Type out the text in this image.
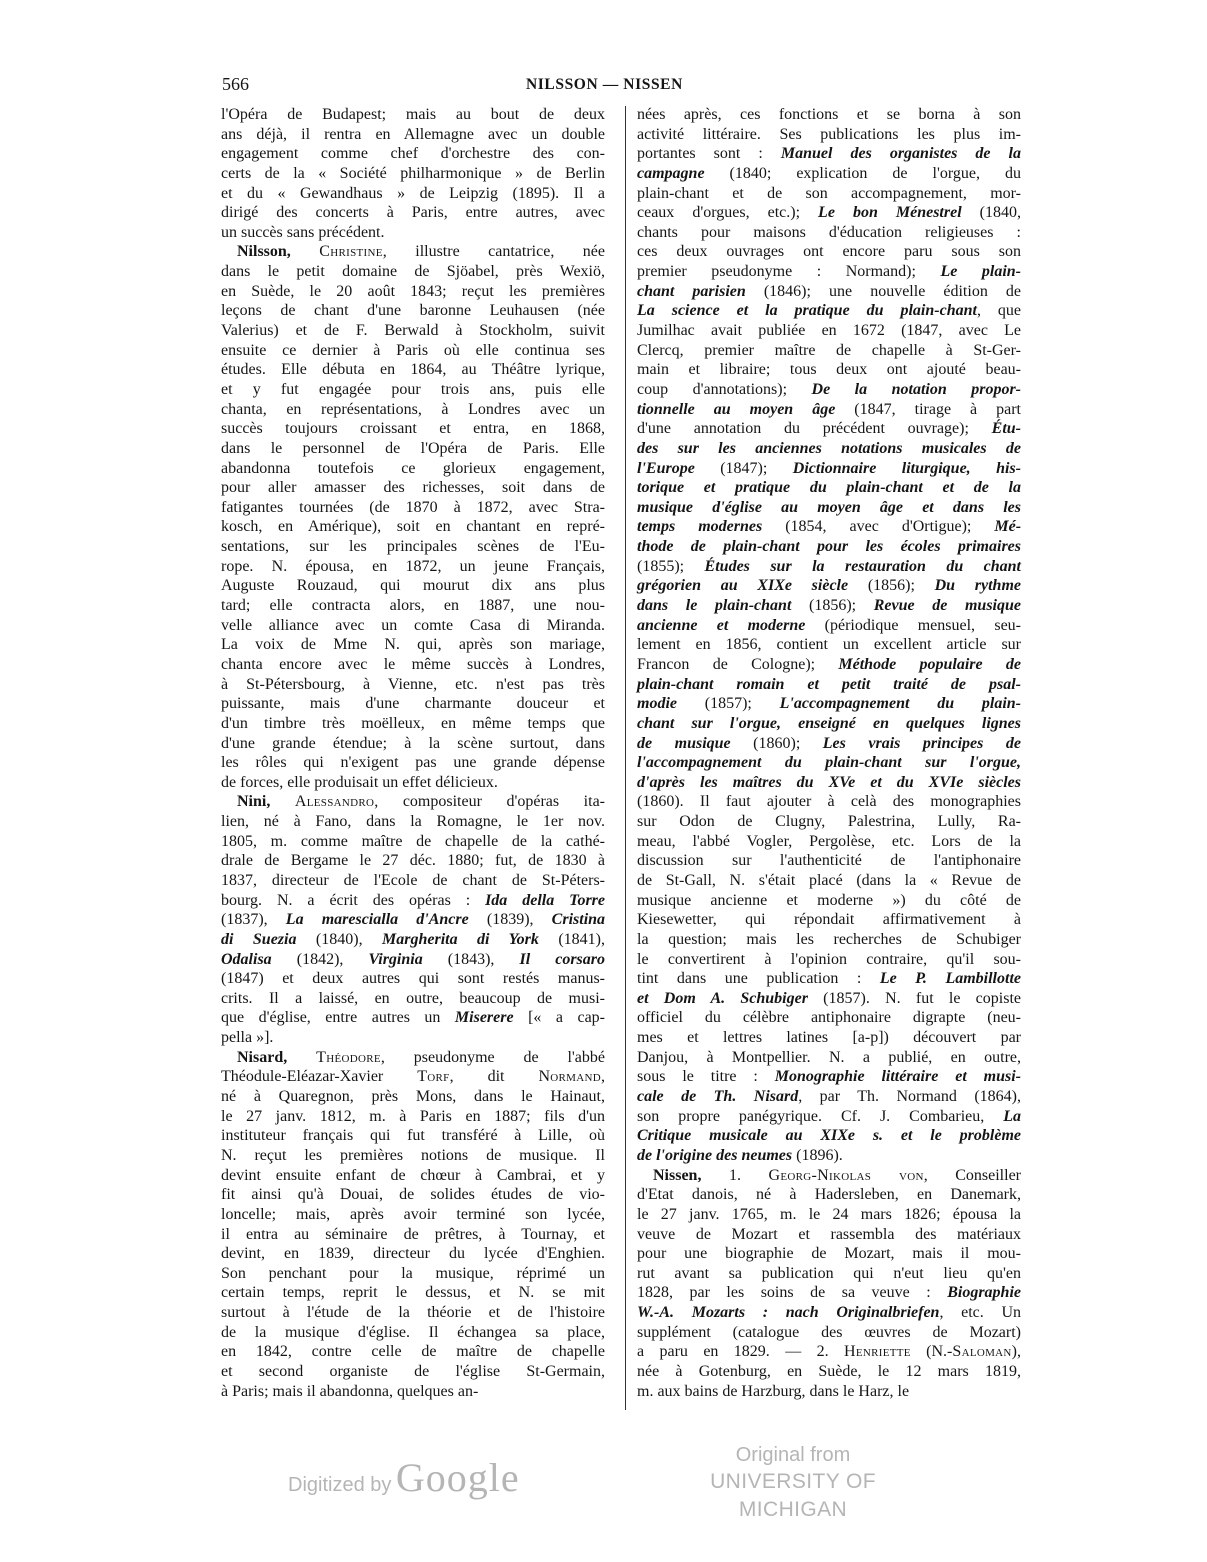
566	NILSSON — NISSEN
l'Opéra de Budapest; mais au bout de deux
ans déjà, il rentra en Allemagne avec un double
engagement comme chef d'orchestre des con-
certs de la « Société philharmonique » de Berlin
et du « Gewandhaus » de Leipzig (1895). Il a
dirigé des concerts à Paris, entre autres, avec
un succès sans précédent.
Nilsson, Christine, illustre cantatrice, née
dans le petit domaine de Sjöabel, près Wexiö,
en Suède, le 20 août 1843; reçut les premières
leçons de chant d'une baronne Leuhausen (née
Valerius) et de F. Berwald à Stockholm, suivit
ensuite ce dernier à Paris où elle continua ses
études. Elle débuta en 1864, au Théâtre lyrique,
et y fut engagée pour trois ans, puis elle
chanta, en représentations, à Londres avec un
succès toujours croissant et entra, en 1868,
dans le personnel de l'Opéra de Paris. Elle
abandonna toutefois ce glorieux engagement,
pour aller amasser des richesses, soit dans de
fatigantes tournées (de 1870 à 1872, avec Stra-
kosch, en Amérique), soit en chantant en repré-
sentations, sur les principales scènes de l'Eu-
rope. N. épousa, en 1872, un jeune Français,
Auguste Rouzaud, qui mourut dix ans plus
tard; elle contracta alors, en 1887, une nou-
velle alliance avec un comte Casa di Miranda.
La voix de Mme N. qui, après son mariage,
chanta encore avec le même succès à Londres,
à St-Pétersbourg, à Vienne, etc. n'est pas très
puissante, mais d'une charmante douceur et
d'un timbre très moëlleux, en même temps que
d'une grande étendue; à la scène surtout, dans
les rôles qui n'exigent pas une grande dépense
de forces, elle produisait un effet délicieux.
Nini, Alessandro, compositeur d'opéras ita-
lien, né à Fano, dans la Romagne, le 1er nov.
1805, m. comme maître de chapelle de la cathé-
drale de Bergame le 27 déc. 1880; fut, de 1830 à
1837, directeur de l'Ecole de chant de St-Péters-
bourg. N. a écrit des opéras : Ida della Torre
(1837), La marescialla d'Ancre (1839), Cristina
di Suezia (1840), Margherita di York (1841),
Odalisa (1842), Virginia (1843), Il corsaro
(1847) et deux autres qui sont restés manus-
crits. Il a laissé, en outre, beaucoup de musi-
que d'église, entre autres un Miserere [« a cap-
pella »].
Nisard, Théodore, pseudonyme de l'abbé
Théodule-Eléazar-Xavier Torf, dit Normand,
né à Quaregnon, près Mons, dans le Hainaut,
le 27 janv. 1812, m. à Paris en 1887; fils d'un
instituteur français qui fut transféré à Lille, où
N. reçut les premières notions de musique. Il
devint ensuite enfant de chœur à Cambrai, et y
fit ainsi qu'à Douai, de solides études de vio-
loncelle; mais, après avoir terminé son lycée,
il entra au séminaire de prêtres, à Tournay, et
devint, en 1839, directeur du lycée d'Enghien.
Son penchant pour la musique, réprimé un
certain temps, reprit le dessus, et N. se mit
surtout à l'étude de la théorie et de l'histoire
de la musique d'église. Il échangea sa place,
en 1842, contre celle de maître de chapelle
et second organiste de l'église St-Germain,
à Paris; mais il abandonna, quelques an-
nées après, ces fonctions et se borna à son
activité littéraire. Ses publications les plus im-
portantes sont : Manuel des organistes de la
campagne (1840; explication de l'orgue, du
plain-chant et de son accompagnement, mor-
ceaux d'orgues, etc.); Le bon Ménestrel (1840,
chants pour maisons d'éducation religieuses :
ces deux ouvrages ont encore paru sous son
premier pseudonyme : Normand); Le plain-
chant parisien (1846); une nouvelle édition de
La science et la pratique du plain-chant, que
Jumilhac avait publiée en 1672 (1847, avec Le
Clercq, premier maître de chapelle à St-Ger-
main et libraire; tous deux ont ajouté beau-
coup d'annotations); De la notation propor-
tionnelle au moyen âge (1847, tirage à part
d'une annotation du précédent ouvrage); Étu-
des sur les anciennes notations musicales de
l'Europe (1847); Dictionnaire liturgique, his-
torique et pratique du plain-chant et de la
musique d'église au moyen âge et dans les
temps modernes (1854, avec d'Ortigue); Mé-
thode de plain-chant pour les écoles primaires
(1855); Études sur la restauration du chant
grégorien au XIXe siècle (1856); Du rythme
dans le plain-chant (1856); Revue de musique
ancienne et moderne (périodique mensuel, seu-
lement en 1856, contient un excellent article sur
Francon de Cologne); Méthode populaire de
plain-chant romain et petit traité de psal-
modie (1857); L'accompagnement du plain-
chant sur l'orgue, enseigné en quelques lignes
de musique (1860); Les vrais principes de
l'accompagnement du plain-chant sur l'orgue,
d'après les maîtres du XVe et du XVIe siècles
(1860). Il faut ajouter à celà des monographies
sur Odon de Clugny, Palestrina, Lully, Ra-
meau, l'abbé Vogler, Pergolèse, etc. Lors de la
discussion sur l'authenticité de l'antiphonaire
de St-Gall, N. s'était placé (dans la « Revue de
musique ancienne et moderne ») du côté de
Kiesewetter, qui répondait affirmativement à
la question; mais les recherches de Schubiger
le convertirent à l'opinion contraire, qu'il sou-
tint dans une publication : Le P. Lambillotte
et Dom A. Schubiger (1857). N. fut le copiste
officiel du célèbre antiphonaire digrapte (neu-
mes et lettres latines [a-p]) découvert par
Danjou, à Montpellier. N. a publié, en outre,
sous le titre : Monographie littéraire et musi-
cale de Th. Nisard, par Th. Normand (1864),
son propre panégyrique. Cf. J. Combarieu, La
Critique musicale au XIXe s. et le problème
de l'origine des neumes (1896).
Nissen, 1. Georg-Nikolas von, Conseiller
d'Etat danois, né à Hadersleben, en Danemark,
le 27 janv. 1765, m. le 24 mars 1826; épousa la
veuve de Mozart et rassembla des matériaux
pour une biographie de Mozart, mais il mou-
rut avant sa publication qui n'eut lieu qu'en
1828, par les soins de sa veuve : Biographie
W.-A. Mozarts : nach Originalbriefen, etc. Un
supplément (catalogue des œuvres de Mozart)
a paru en 1829. — 2. Henriette (N.-Saloman),
née à Gotenburg, en Suède, le 12 mars 1819,
m. aux bains de Harzburg, dans le Harz, le
Digitized by Google	Original from
UNIVERSITY OF MICHIGAN
